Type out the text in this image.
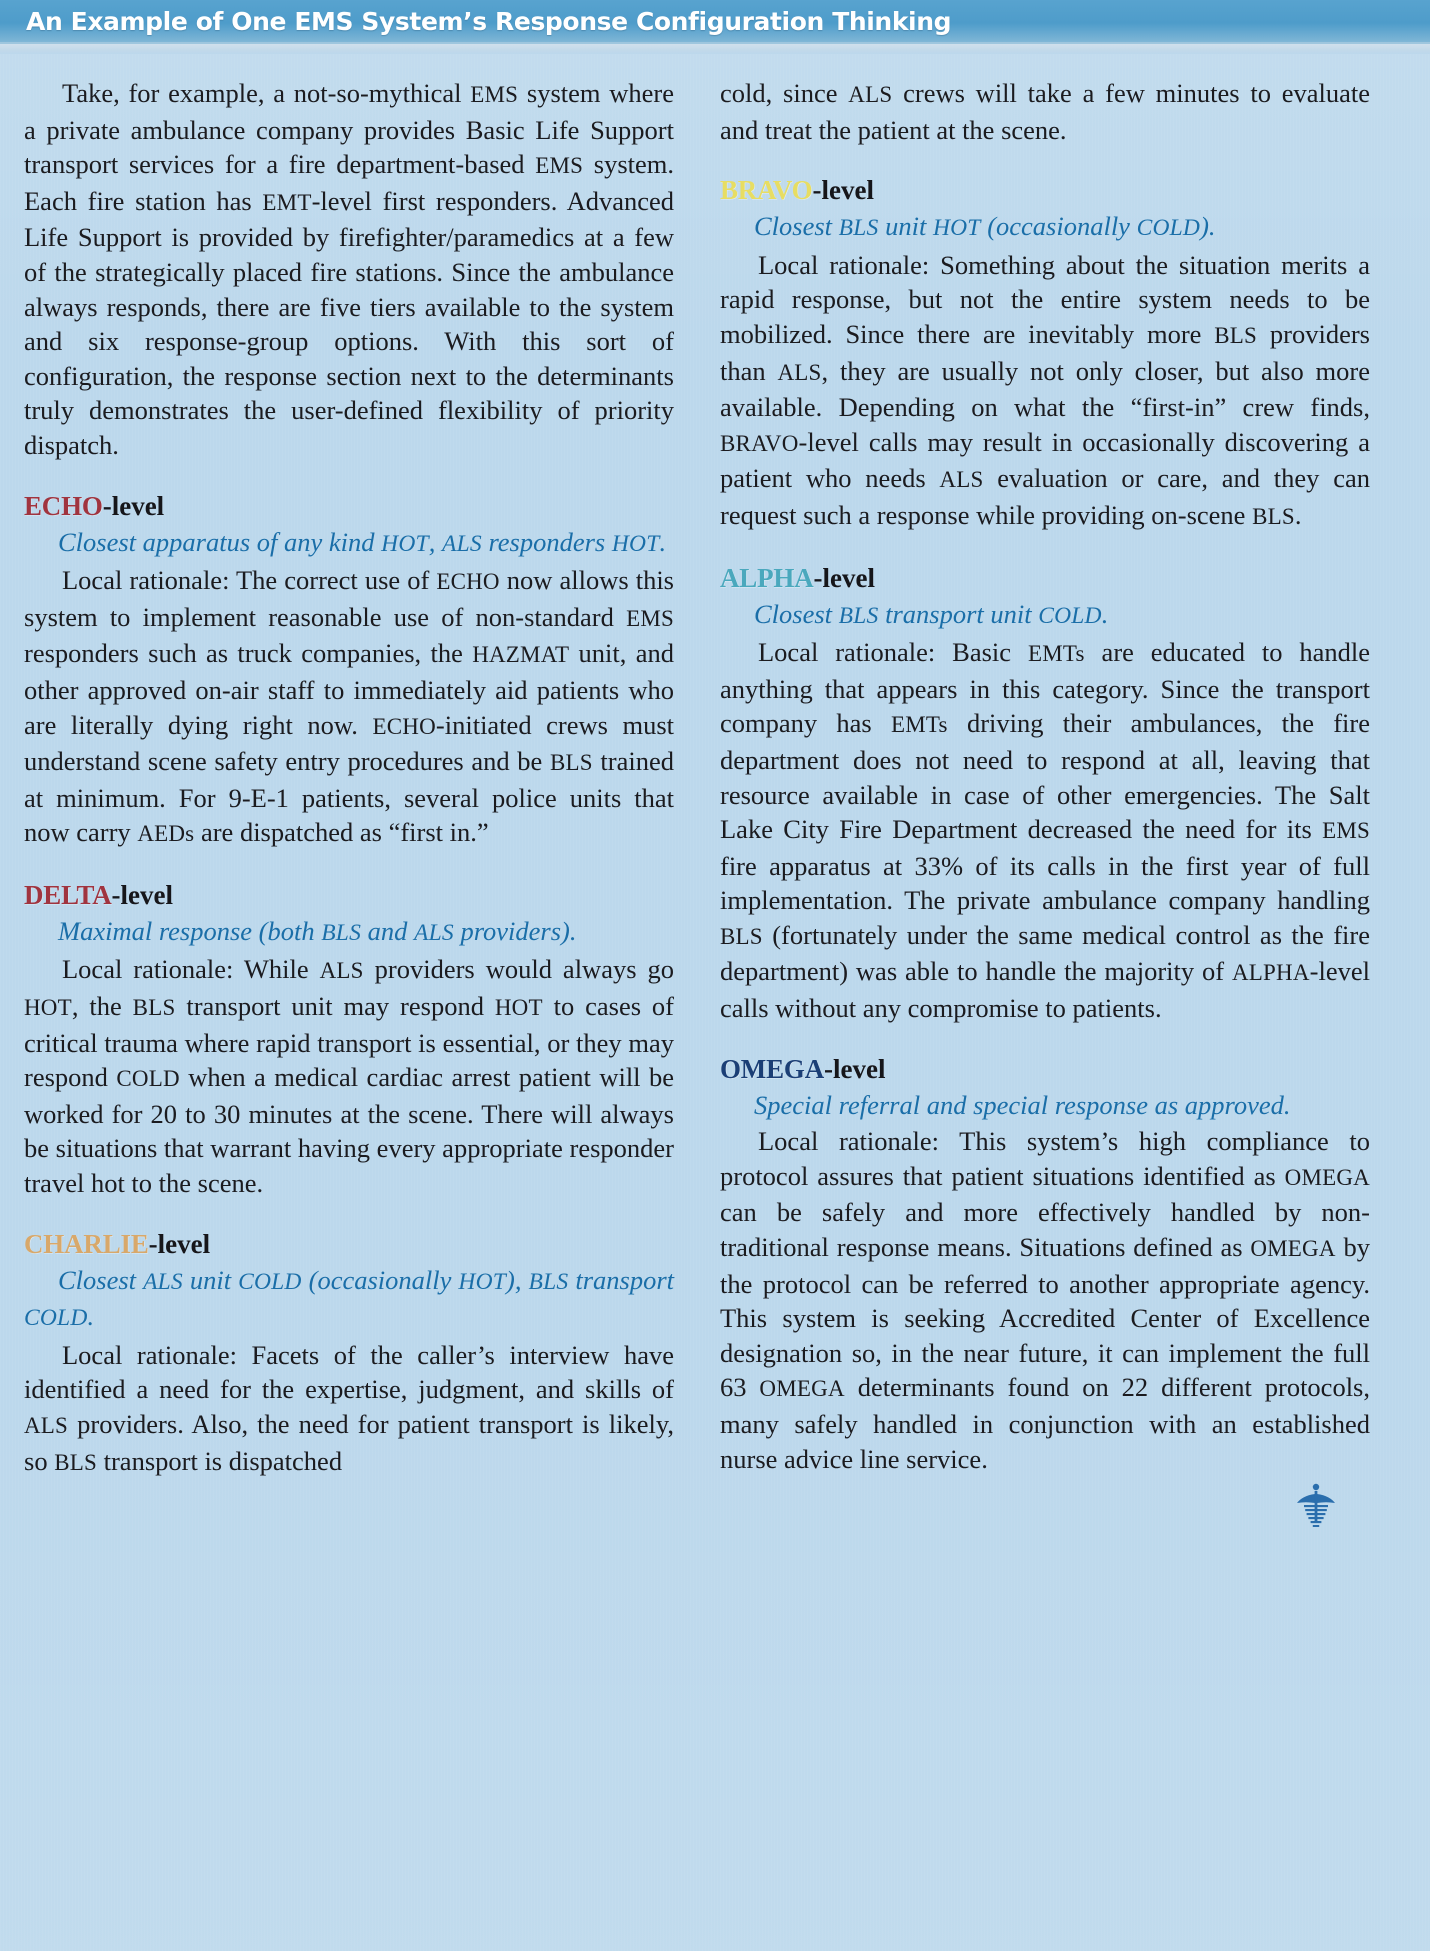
An Example of One EMS System’s Response Configuration Thinking

Take, for example, a not-so-mythical EMS system where a private ambulance company provides Basic Life Support transport services for a fire department-based EMS system. Each fire station has EMT-level first responders. Advanced Life Support is provided by firefighter/paramedics at a few of the strategically placed fire stations. Since the ambulance always responds, there are five tiers available to the system and six response-group options. With this sort of configuration, the response section next to the determinants truly demonstrates the user-defined flexibility of priority dispatch.

ECHO-level

Closest apparatus of any kind HOT, ALS responders HOT.

Local rationale: The correct use of ECHO now allows this system to implement reasonable use of non-standard EMS responders such as truck companies, the HAZMAT unit, and other approved on-air staff to immediately aid patients who are literally dying right now. ECHO-initiated crews must understand scene safety entry procedures and be BLS trained at minimum. For 9-E-1 patients, several police units that now carry AEDs are dispatched as “first in.”

DELTA-level

Maximal response (both BLS and ALS providers).

Local rationale: While ALS providers would always go HOT, the BLS transport unit may respond HOT to cases of critical trauma where rapid transport is essential, or they may respond COLD when a medical cardiac arrest patient will be worked for 20 to 30 minutes at the scene. There will always be situations that warrant having every appropriate responder travel hot to the scene.

CHARLIE-level

Closest ALS unit COLD (occasionally HOT), BLS transport COLD.

Local rationale: Facets of the caller’s interview have identified a need for the expertise, judgment, and skills of ALS providers. Also, the need for patient transport is likely, so BLS transport is dispatched

cold, since ALS crews will take a few minutes to evaluate and treat the patient at the scene.

BRAVO-level

Closest BLS unit HOT (occasionally COLD).

Local rationale: Something about the situation merits a rapid response, but not the entire system needs to be mobilized. Since there are inevitably more BLS providers than ALS, they are usually not only closer, but also more available. Depending on what the “first-in” crew finds, BRAVO-level calls may result in occasionally discovering a patient who needs ALS evaluation or care, and they can request such a response while providing on-scene BLS.

ALPHA-level

Closest BLS transport unit COLD.

Local rationale: Basic EMTs are educated to handle anything that appears in this category. Since the transport company has EMTs driving their ambulances, the fire department does not need to respond at all, leaving that resource available in case of other emergencies. The Salt Lake City Fire Department decreased the need for its EMS fire apparatus at 33% of its calls in the first year of full implementation. The private ambulance company handling BLS (fortunately under the same medical control as the fire department) was able to handle the majority of ALPHA-level calls without any compromise to patients.

OMEGA-level

Special referral and special response as approved.

Local rationale: This system’s high compliance to protocol assures that patient situations identified as OMEGA can be safely and more effectively handled by non-traditional response means. Situations defined as OMEGA by the protocol can be referred to another appropriate agency. This system is seeking Accredited Center of Excellence designation so, in the near future, it can implement the full 63 OMEGA determinants found on 22 different protocols, many safely handled in conjunction with an established nurse advice line service.
